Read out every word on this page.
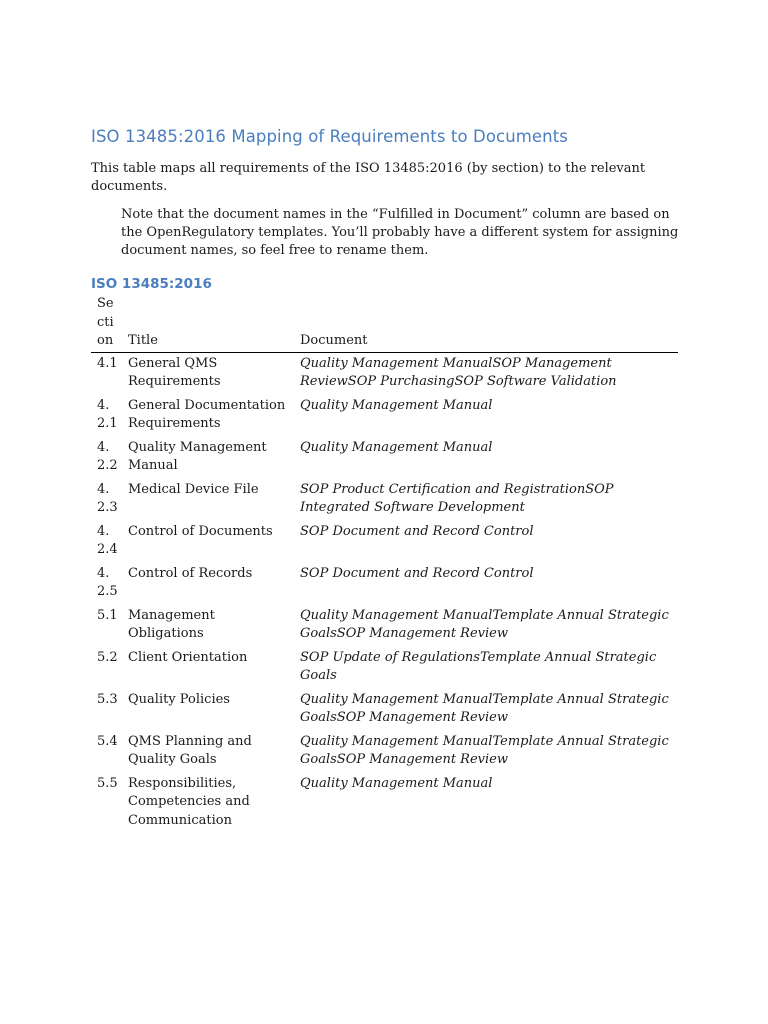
ISO 13485:2016 Mapping of Requirements to Documents

This table maps all requirements of the ISO 13485:2016 (by section) to the relevant documents.

Note that the document names in the “Fulfilled in Document” column are based on the OpenRegulatory templates. You’ll probably have a different system for assigning document names, so feel free to rename them.

ISO 13485:2016
Section	Title	Document
4.1	General QMS Requirements	Quality Management ManualSOP Management ReviewSOP PurchasingSOP Software Validation
4.2.1	General Documentation Requirements	Quality Management Manual
4.2.2	Quality Management Manual	Quality Management Manual
4.2.3	Medical Device File	SOP Product Certification and RegistrationSOP Integrated Software Development
4.2.4	Control of Documents	SOP Document and Record Control
4.2.5	Control of Records	SOP Document and Record Control
5.1	Management Obligations	Quality Management ManualTemplate Annual Strategic GoalsSOP Management Review
5.2	Client Orientation	SOP Update of RegulationsTemplate Annual Strategic Goals
5.3	Quality Policies	Quality Management ManualTemplate Annual Strategic GoalsSOP Management Review
5.4	QMS Planning and Quality Goals	Quality Management ManualTemplate Annual Strategic GoalsSOP Management Review
5.5	Responsibilities, Competencies and Communication	Quality Management Manual
